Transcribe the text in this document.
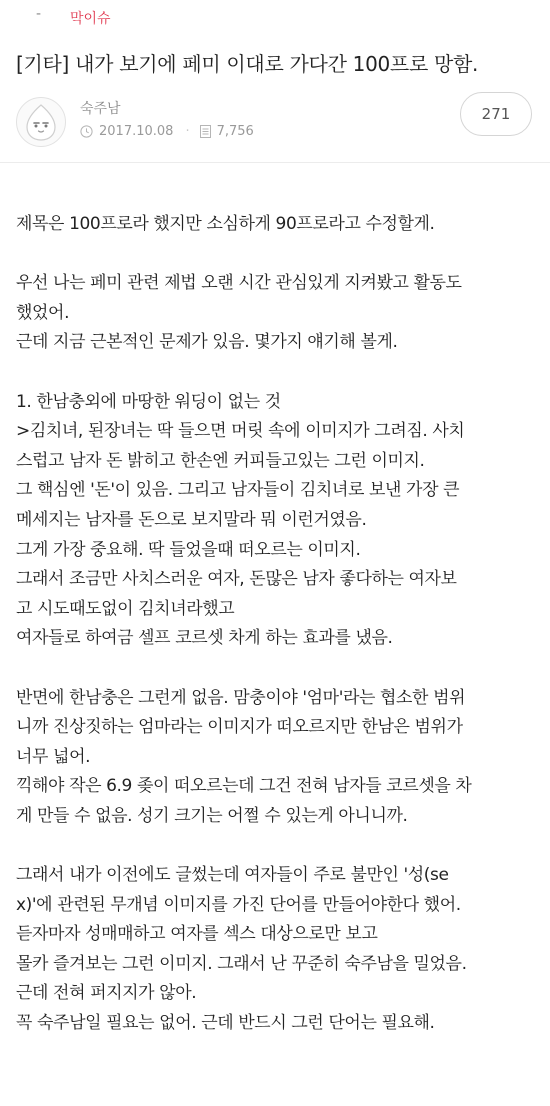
- 막이슈
[기타] 내가 보기에 페미 이대로 가다간 100프로 망함.
숙주남
2017.10.08 · 7,756
271
제목은 100프로라 했지만 소심하게 90프로라고 수정할게.
우선 나는 페미 관련 제법 오랜 시간 관심있게 지켜봤고 활동도
했었어.
근데 지금 근본적인 문제가 있음. 몇가지 얘기해 볼게.
1. 한남충외에 마땅한 워딩이 없는 것
>김치녀, 된장녀는 딱 들으면 머릿 속에 이미지가 그려짐. 사치
스럽고 남자 돈 밝히고 한손엔 커피들고있는 그런 이미지.
그 핵심엔 '돈'이 있음. 그리고 남자들이 김치녀로 보낸 가장 큰
메세지는 남자를 돈으로 보지말라 뭐 이런거였음.
그게 가장 중요해. 딱 들었을때 떠오르는 이미지.
그래서 조금만 사치스러운 여자, 돈많은 남자 좋다하는 여자보
고 시도때도없이 김치녀라했고
여자들로 하여금 셀프 코르셋 차게 하는 효과를 냈음.
반면에 한남충은 그런게 없음. 맘충이야 '엄마'라는 협소한 범위
니까 진상짓하는 엄마라는 이미지가 떠오르지만 한남은 범위가
너무 넓어.
끽해야 작은 6.9 좆이 떠오르는데 그건 전혀 남자들 코르셋을 차
게 만들 수 없음. 성기 크기는 어쩔 수 있는게 아니니까.
그래서 내가 이전에도 글썼는데 여자들이 주로 불만인 '성(se
x)'에 관련된 무개념 이미지를 가진 단어를 만들어야한다 했어.
듣자마자 성매매하고 여자를 섹스 대상으로만 보고
몰카 즐겨보는 그런 이미지. 그래서 난 꾸준히 숙주남을 밀었음.
근데 전혀 퍼지지가 않아.
꼭 숙주남일 필요는 없어. 근데 반드시 그런 단어는 필요해.
